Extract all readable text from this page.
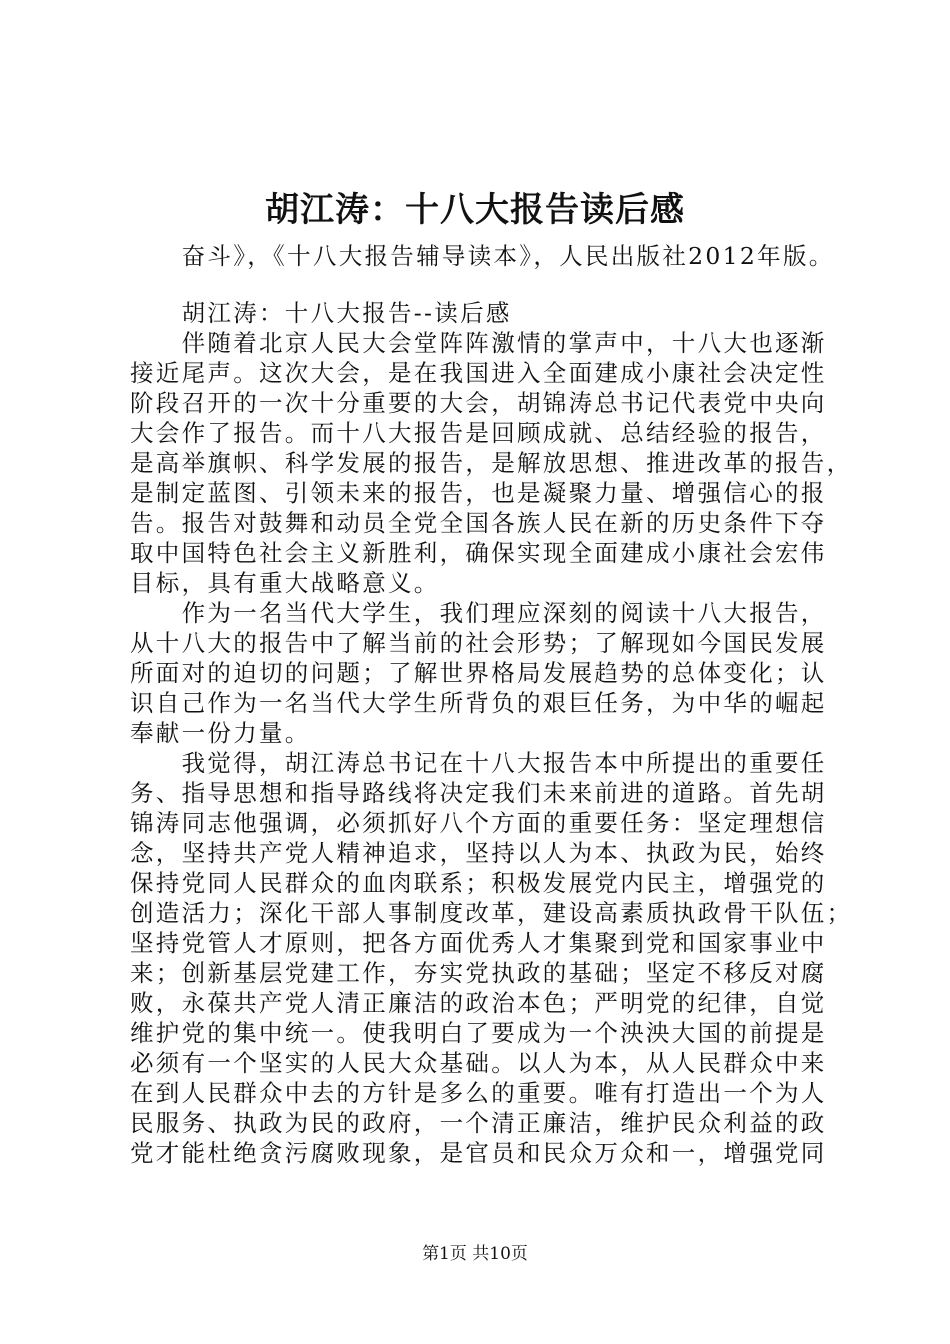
胡江涛：十八大报告读后感
　　奋斗》，《十八大报告辅导读本》，人民出版社2012年版。
　　胡江涛：十八大报告--读后感
　　伴随着北京人民大会堂阵阵激情的掌声中，十八大也逐渐
接近尾声。这次大会，是在我国进入全面建成小康社会决定性
阶段召开的一次十分重要的大会，胡锦涛总书记代表党中央向
大会作了报告。而十八大报告是回顾成就、总结经验的报告，
是高举旗帜、科学发展的报告，是解放思想、推进改革的报告，
是制定蓝图、引领未来的报告，也是凝聚力量、增强信心的报
告。报告对鼓舞和动员全党全国各族人民在新的历史条件下夺
取中国特色社会主义新胜利，确保实现全面建成小康社会宏伟
目标，具有重大战略意义。
　　作为一名当代大学生，我们理应深刻的阅读十八大报告，
从十八大的报告中了解当前的社会形势；了解现如今国民发展
所面对的迫切的问题；了解世界格局发展趋势的总体变化；认
识自己作为一名当代大学生所背负的艰巨任务，为中华的崛起
奉献一份力量。
　　我觉得，胡江涛总书记在十八大报告本中所提出的重要任
务、指导思想和指导路线将决定我们未来前进的道路。首先胡
锦涛同志他强调，必须抓好八个方面的重要任务：坚定理想信
念，坚持共产党人精神追求，坚持以人为本、执政为民，始终
保持党同人民群众的血肉联系；积极发展党内民主，增强党的
创造活力；深化干部人事制度改革，建设高素质执政骨干队伍；
坚持党管人才原则，把各方面优秀人才集聚到党和国家事业中
来；创新基层党建工作，夯实党执政的基础；坚定不移反对腐
败，永葆共产党人清正廉洁的政治本色；严明党的纪律，自觉
维护党的集中统一。使我明白了要成为一个泱泱大国的前提是
必须有一个坚实的人民大众基础。以人为本，从人民群众中来
在到人民群众中去的方针是多么的重要。唯有打造出一个为人
民服务、执政为民的政府，一个清正廉洁，维护民众利益的政
党才能杜绝贪污腐败现象，是官员和民众万众和一，增强党同
第1页 共10页
